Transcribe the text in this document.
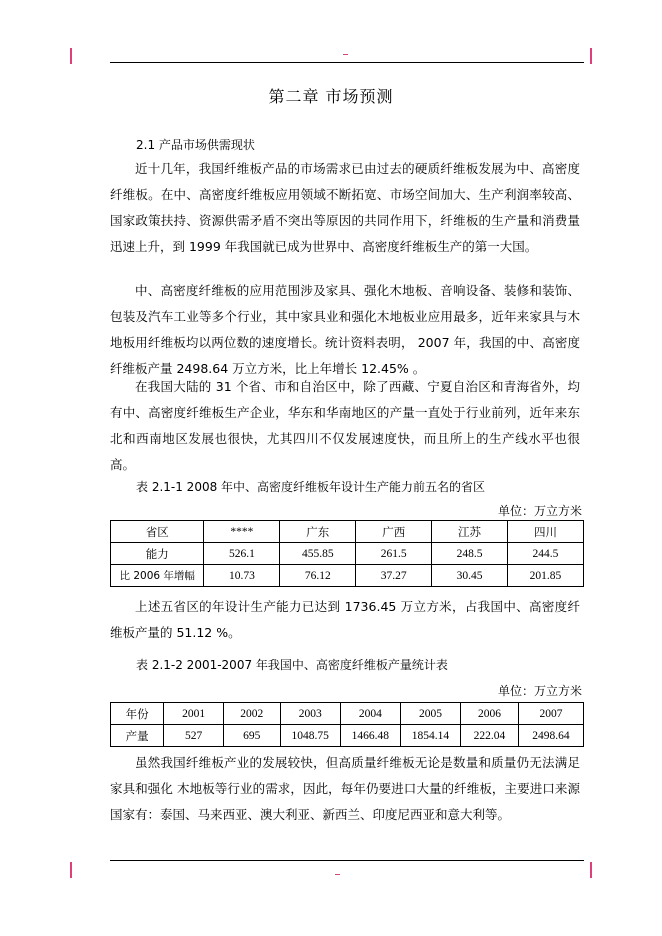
第二章 市场预测
2.1 产品市场供需现状

近十几年，我国纤维板产品的市场需求已由过去的硬质纤维板发展为中、高密度纤维板。在中、高密度纤维板应用领域不断拓宽、市场空间加大、生产利润率较高、国家政策扶持、资源供需矛盾不突出等原因的共同作用下，纤维板的生产量和消费量迅速上升，到 1999 年我国就已成为世界中、高密度纤维板生产的第一大国。

中、高密度纤维板的应用范围涉及家具、强化木地板、音响设备、装修和装饰、包装及汽车工业等多个行业，其中家具业和强化木地板业应用最多，近年来家具与木地板用纤维板均以两位数的速度增长。统计资料表明， 2007 年，我国的中、高密度纤维板产量 2498.64 万立方米，比上年增长 12.45% 。

在我国大陆的 31 个省、市和自治区中，除了西藏、宁夏自治区和青海省外，均有中、高密度纤维板生产企业，华东和华南地区的产量一直处于行业前列，近年来东北和西南地区发展也很快，尤其四川不仅发展速度快，而且所上的生产线水平也很高。

表 2.1-1 2008 年中、高密度纤维板年设计生产能力前五名的省区
单位：万立方米
省区	****	广东	广西	江苏	四川
能力	526.1	455.85	261.5	248.5	244.5
比 2006 年增幅	10.73	76.12	37.27	30.45	201.85

上述五省区的年设计生产能力已达到 1736.45 万立方米，占我国中、高密度纤维板产量的 51.12 %。

表 2.1-2 2001-2007 年我国中、高密度纤维板产量统计表
单位：万立方米
年份	2001	2002	2003	2004	2005	2006	2007
产量	527	695	1048.75	1466.48	1854.14	222.04	2498.64

虽然我国纤维板产业的发展较快，但高质量纤维板无论是数量和质量仍无法满足家具和强化 木地板等行业的需求，因此，每年仍要进口大量的纤维板，主要进口来源国家有：泰国、马来西亚、澳大利亚、新西兰、印度尼西亚和意大利等。
